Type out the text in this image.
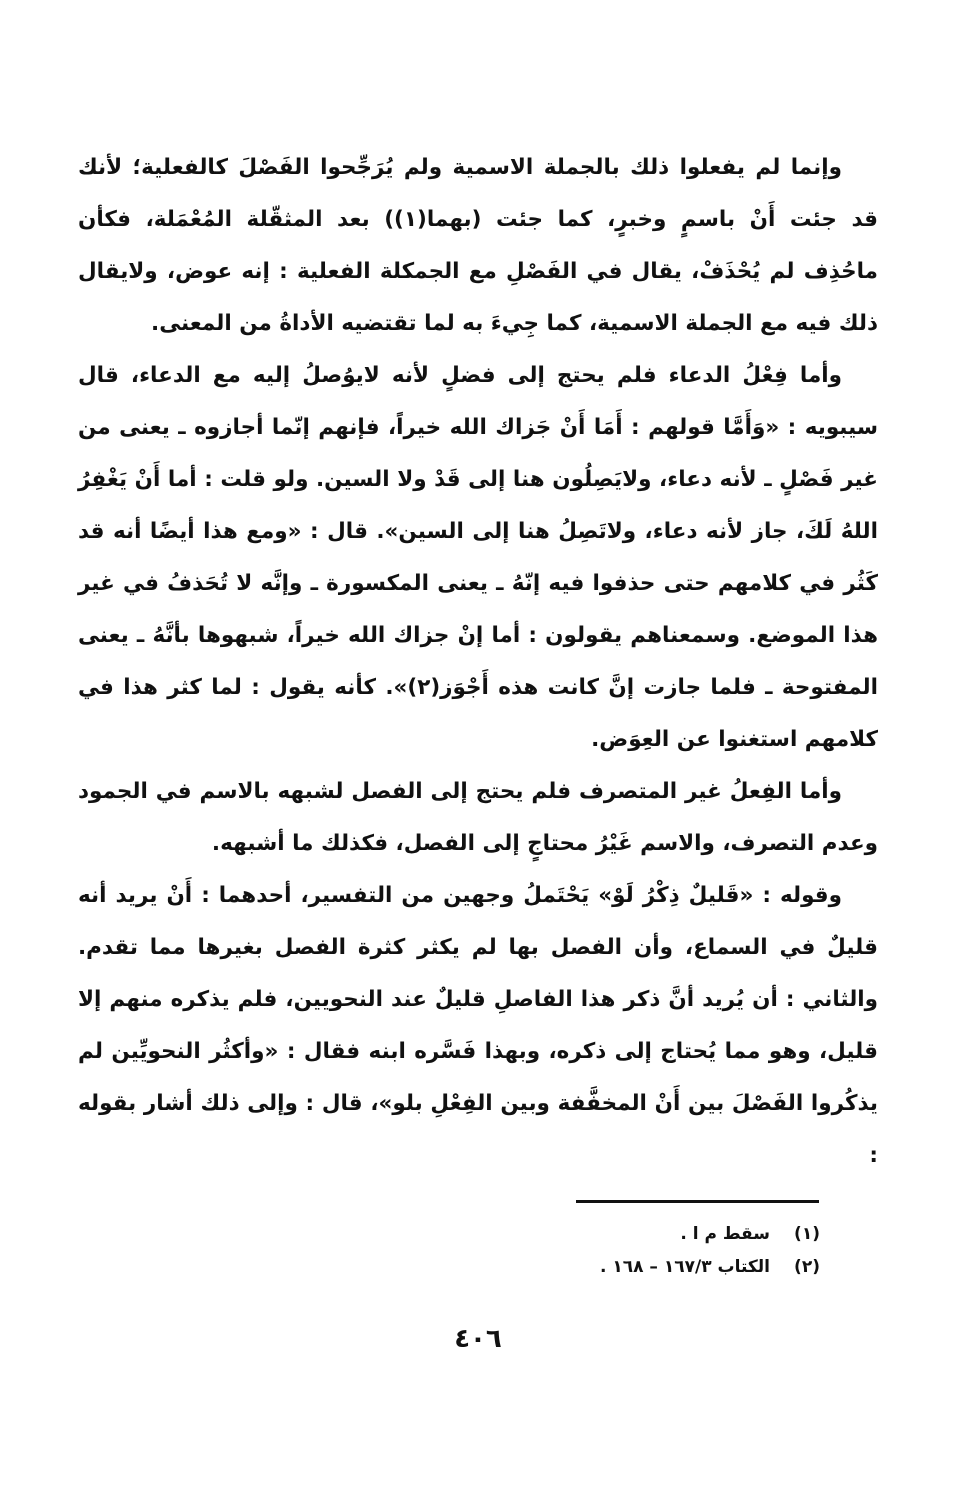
وإنما لم يفعلوا ذلك بالجملة الاسمية ولم يُرَجِّحوا الفَصْلَ كالفعلية؛ لأنك قد جئت أَنْ باسمٍ وخبرٍ، كما جئت (بهما(١)) بعد المثقّلة المُعْمَلة، فكأن ماحُذِف لم يُحْذَفْ، يقال في الفَصْلِ مع الجمكلة الفعلية : إنه عوض، ولايقال ذلك فيه مع الجملة الاسمية، كما جِيءَ به لما تقتضيه الأداةُ من المعنى.

وأما فِعْلُ الدعاء فلم يحتج إلى فضلٍ لأنه لايوُصلُ إليه مع الدعاء، قال سيبويه : «وَأَمَّا قولهم : أَمَا أَنْ جَزاك الله خيراً، فإنهم إنّما أجازوه ـ يعنى من غير فَصْلٍ ـ لأنه دعاء، ولايَصِلُون هنا إلى قَدْ ولا السين. ولو قلت : أما أَنْ يَغْفِرُ اللهُ لَكَ، جاز لأنه دعاء، ولاتَصِلُ هنا إلى السين». قال : «ومع هذا أيضًا أنه قد كَثُر في كلامهم حتى حذفوا فيه إنّهُ ـ يعنى المكسورة ـ وإنَّه لا تُحَذفُ في غير هذا الموضع. وسمعناهم يقولون : أما إنْ جزاك الله خيراً، شبهوها بأنَّهُ ـ يعنى المفتوحة ـ فلما جازت إنَّ كانت هذه أَجْوَز(٢)». كأنه يقول : لما كثر هذا في كلامهم استغنوا عن العِوَض.

وأما الفِعلُ غير المتصرف فلم يحتج إلى الفصل لشبهه بالاسم في الجمود وعدم التصرف، والاسم غَيْرُ محتاجٍ إلى الفصل، فكذلك ما أشبهه.

وقوله : «قَليلٌ ذِكْرُ لَوْ» يَحْتَملُ وجهين من التفسير، أحدهما : أَنْ يريد أنه قليلٌ في السماع، وأن الفصل بها لم يكثر كثرة الفصل بغيرها مما تقدم. والثاني : أن يُريد أنَّ ذكر هذا الفاصلِ قليلٌ عند النحويين، فلم يذكره منهم إلا قليل، وهو مما يُحتاج إلى ذكره، وبهذا فَسَّره ابنه فقال : «وأكثُر النحويِّين لم يذكُروا الفَصْلَ بين أَنْ المخفَّفة وبين الفِعْلِ بلو»، قال : وإلى ذلك أشار بقوله :

(١)
سقط م ا .
(٢)
الكتاب ١٦٧/٣ – ١٦٨ .
٤٠٦
